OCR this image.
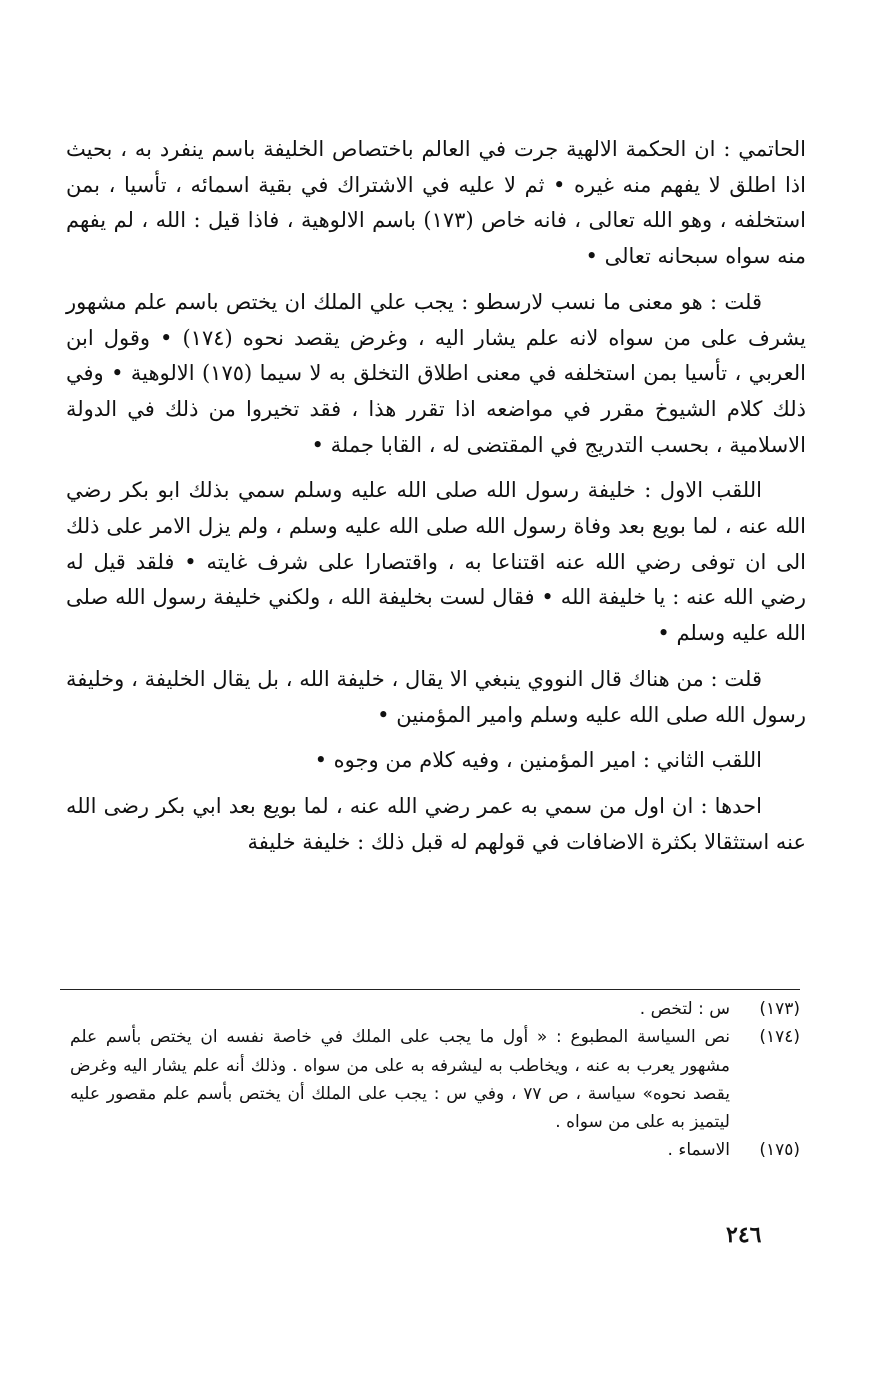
الحاتمي : ان الحكمة الالهية جرت في العالم باختصاص الخليفة باسم ينفرد به ، بحيث اذا اطلق لا يفهم منه غيره • ثم لا عليه في الاشتراك في بقية اسمائه ، تأسيا ، بمن استخلفه ، وهو الله تعالى ، فانه خاص (١٧٣) باسم الالوهية ، فاذا قيل : الله ، لم يفهم منه سواه سبحانه تعالى •

قلت : هو معنى ما نسب لارسطو : يجب علي الملك ان يختص باسم علم مشهور يشرف على من سواه لانه علم يشار اليه ، وغرض يقصد نحوه (١٧٤) • وقول ابن العربي ، تأسيا بمن استخلفه في معنى اطلاق التخلق به لا سيما (١٧٥) الالوهية • وفي ذلك كلام الشيوخ مقرر في مواضعه اذا تقرر هذا ، فقد تخيروا من ذلك في الدولة الاسلامية ، بحسب التدريج في المقتضى له ، القابا جملة •

اللقب الاول : خليفة رسول الله صلى الله عليه وسلم سمي بذلك ابو بكر رضي الله عنه ، لما بويع بعد وفاة رسول الله صلى الله عليه وسلم ، ولم يزل الامر على ذلك الى ان توفى رضي الله عنه اقتناعا به ، واقتصارا على شرف غايته • فلقد قيل له رضي الله عنه : يا خليفة الله • فقال لست بخليفة الله ، ولكني خليفة رسول الله صلى الله عليه وسلم •

قلت : من هناك قال النووي ينبغي الا يقال ، خليفة الله ، بل يقال الخليفة ، وخليفة رسول الله صلى الله عليه وسلم وامير المؤمنين •

اللقب الثاني : امير المؤمنين ، وفيه كلام من وجوه •

احدها : ان اول من سمي به عمر رضي الله عنه ، لما بويع بعد ابي بكر رضى الله عنه استثقالا بكثرة الاضافات في قولهم له قبل ذلك : خليفة خليفة

(١٧٣)
س : لتخص .
(١٧٤)
نص السياسة المطبوع : « أول ما يجب على الملك في خاصة نفسه ان يختص بأسم علم مشهور يعرب به عنه ، ويخاطب به ليشرفه به على من سواه . وذلك أنه علم يشار اليه وغرض يقصد نحوه» سياسة ، ص ٧٧ ، وفي س : يجب على الملك أن يختص بأسم علم مقصور عليه ليتميز به على من سواه .
(١٧٥)
الاسماء .
٢٤٦
